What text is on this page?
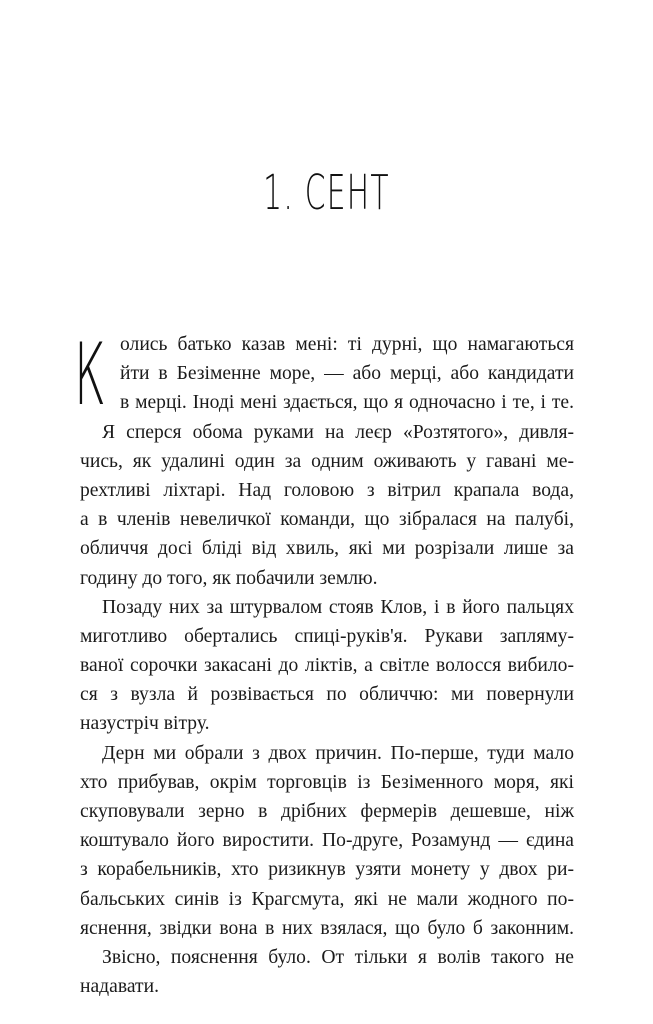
1. СЕНТ
К олись батько казав мені: ті дурні, що намагаються
йти в Безіменне море, — або мерці, або кандидати
в мерці. Іноді мені здається, що я одночасно і те, і те.
Я сперся обома руками на леєр «Розтятого», дивля-
чись, як удалині один за одним оживають у гавані ме-
рехтливі ліхтарі. Над головою з вітрил крапала вода,
а в членів невеличкої команди, що зібралася на палубі,
обличчя досі бліді від хвиль, які ми розрізали лише за
годину до того, як побачили землю.
Позаду них за штурвалом стояв Клов, і в його пальцях
миготливо обертались спиці-руків'я. Рукави запляму-
ваної сорочки закасані до ліктів, а світле волосся вибило-
ся з вузла й розвівається по обличчю: ми повернули
назустріч вітру.
Дерн ми обрали з двох причин. По-перше, туди мало
хто прибував, окрім торговців із Безіменного моря, які
скуповували зерно в дрібних фермерів дешевше, ніж
коштувало його виростити. По-друге, Розамунд — єдина
з корабельників, хто ризикнув узяти монету у двох ри-
бальських синів із Крагсмута, які не мали жодного по-
яснення, звідки вона в них взялася, що було б законним.
Звісно, пояснення було. От тільки я волів такого не
надавати.
